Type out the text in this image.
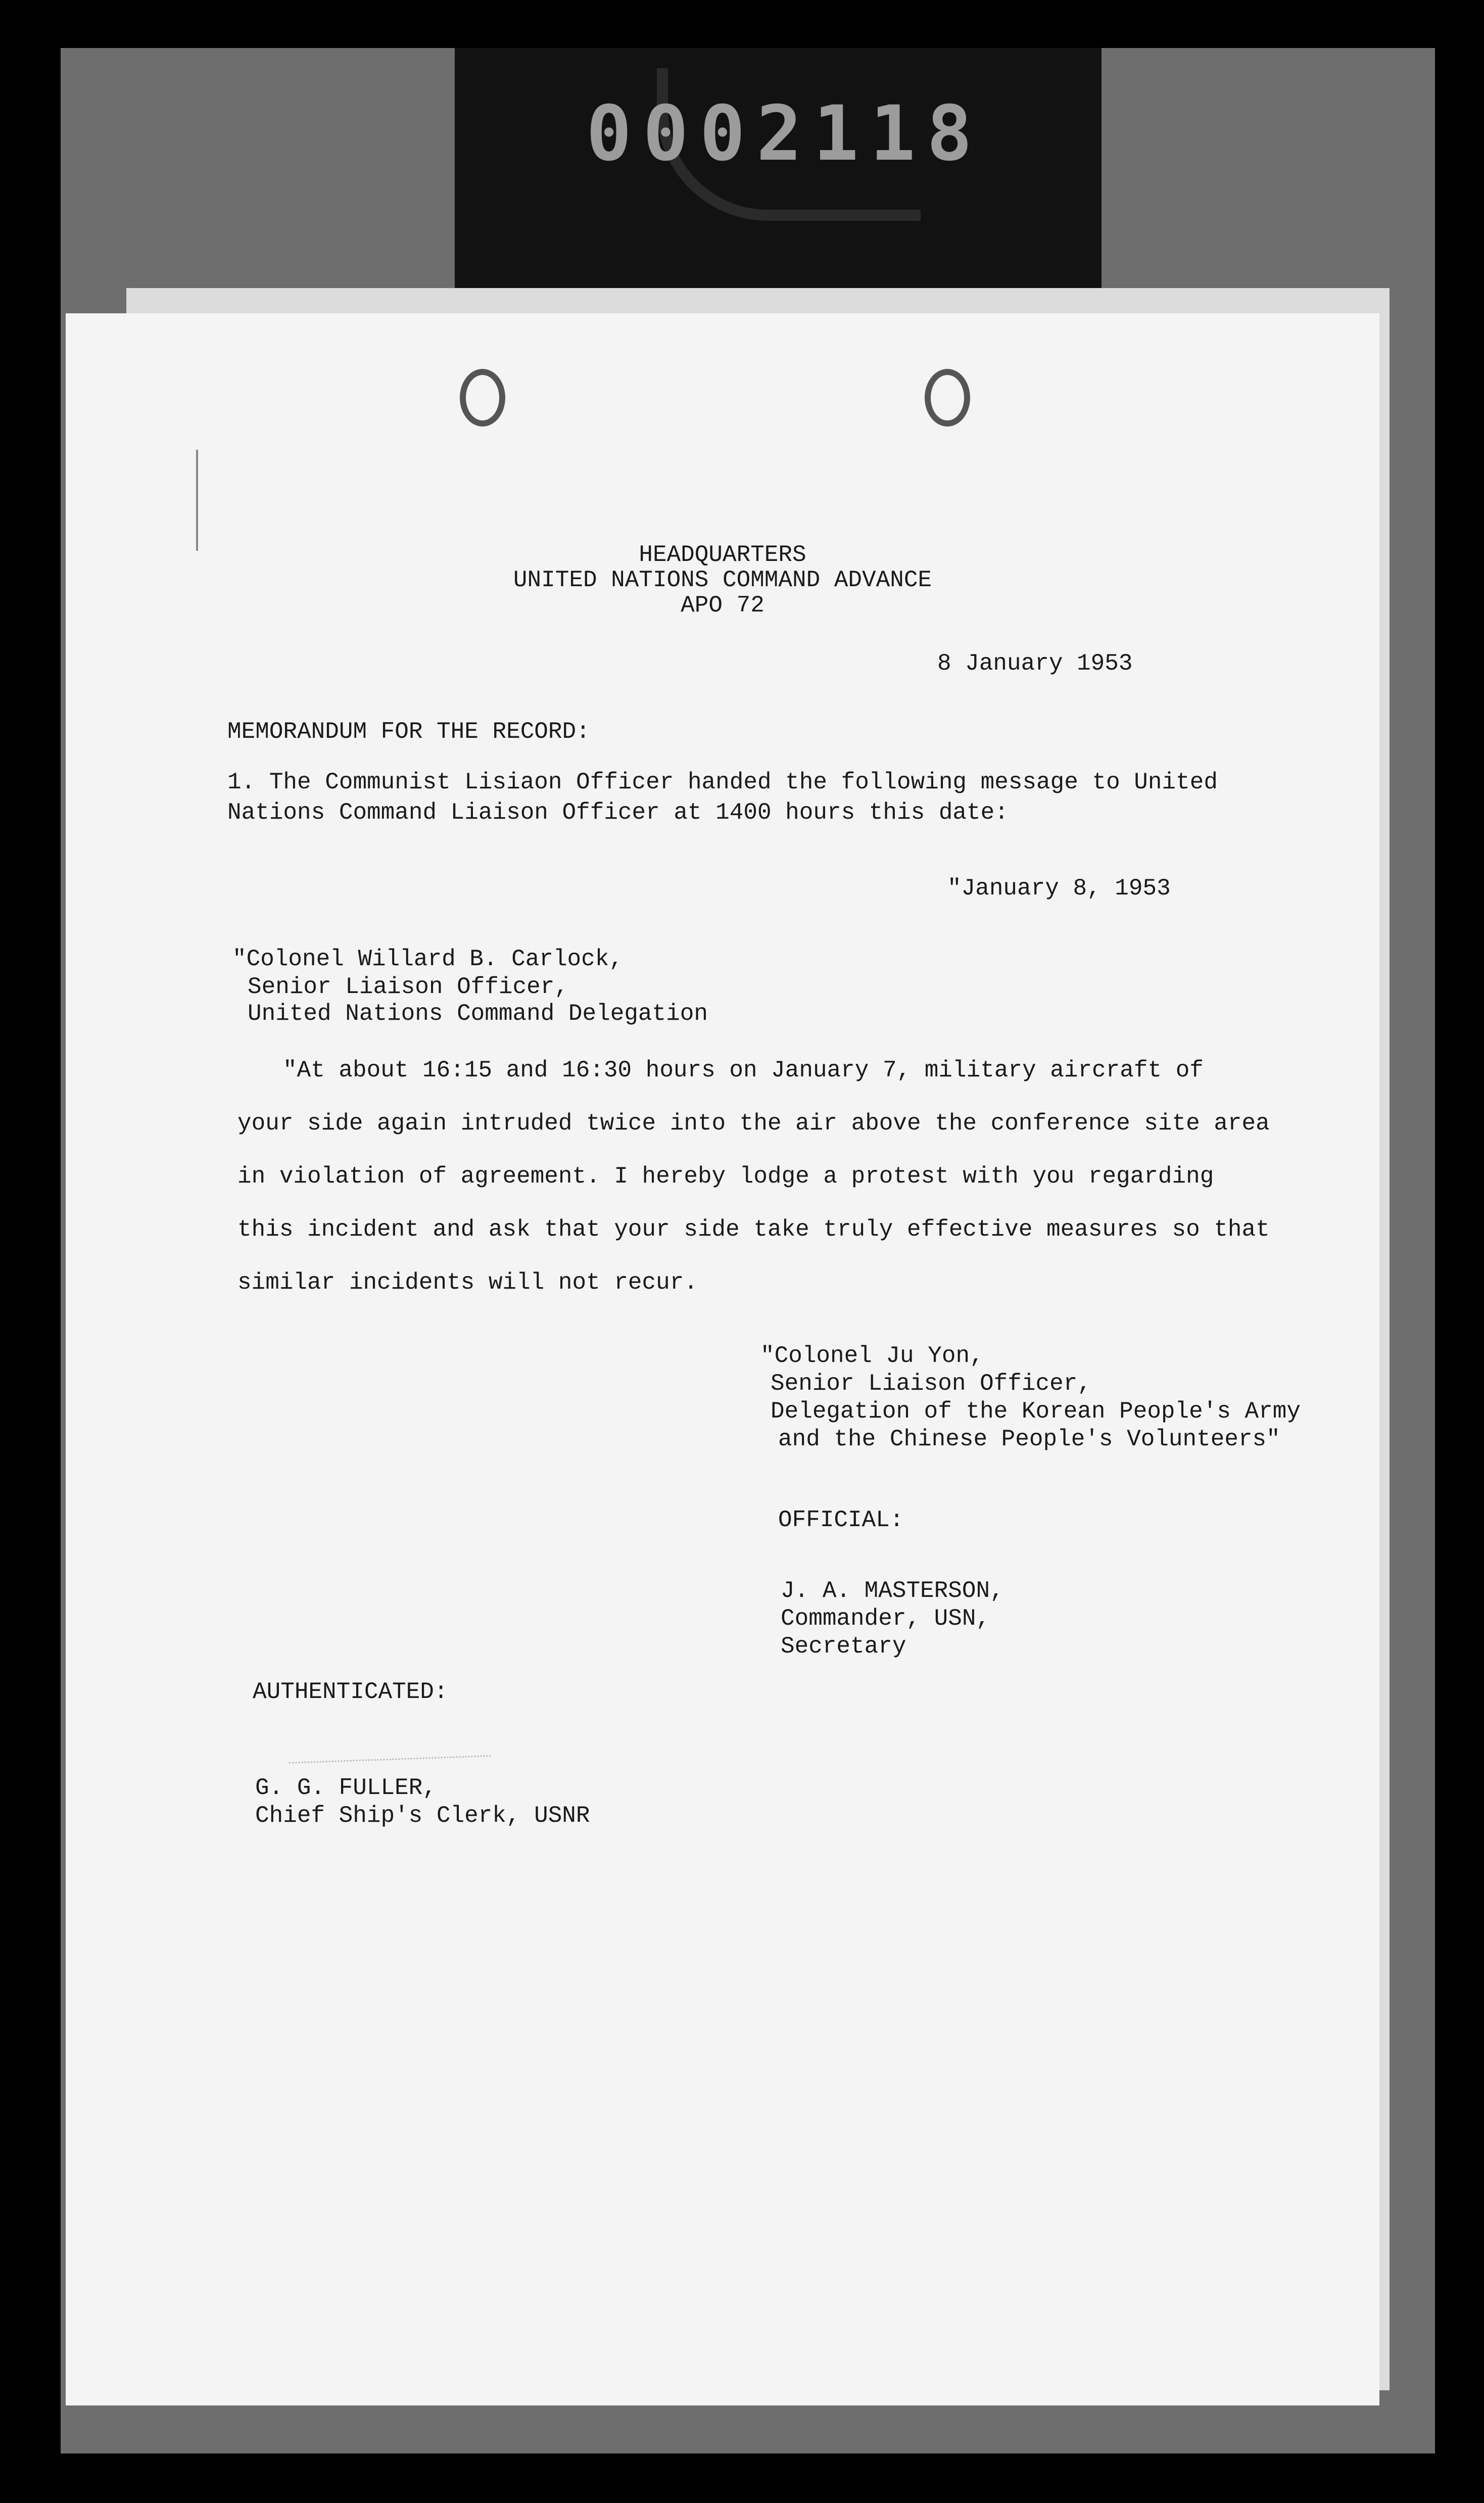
0002118
HEADQUARTERS
UNITED NATIONS COMMAND ADVANCE
APO 72
8 January 1953
MEMORANDUM FOR THE RECORD:
1. The Communist Lisiaon Officer handed the following message to United
Nations Command Liaison Officer at 1400 hours this date:
"January 8, 1953
"Colonel Willard B. Carlock,
Senior Liaison Officer,
United Nations Command Delegation
"At about 16:15 and 16:30 hours on January 7, military aircraft of
your side again intruded twice into the air above the conference site area
in violation of agreement. I hereby lodge a protest with you regarding
this incident and ask that your side take truly effective measures so that
similar incidents will not recur.
"Colonel Ju Yon,
Senior Liaison Officer,
Delegation of the Korean People's Army
and the Chinese People's Volunteers"
OFFICIAL:
J. A. MASTERSON,
Commander, USN,
Secretary
AUTHENTICATED:
G. G. FULLER,
Chief Ship's Clerk, USNR
